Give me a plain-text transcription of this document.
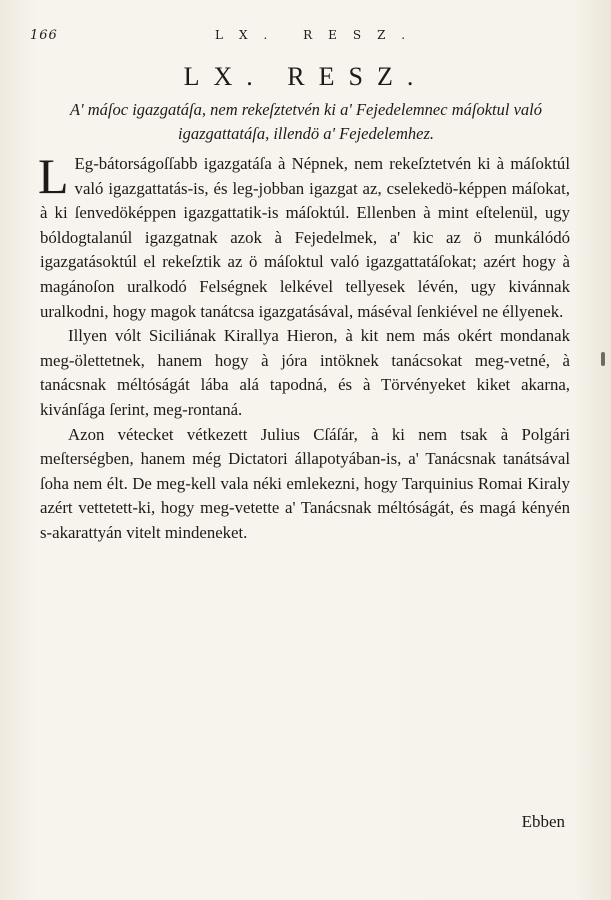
166	LX. RESZ.
LX. RESZ.
A' máſoc igazgatáſa, nem rekeſztetvén ki a' Fejedelemnec máſoktul való igazgattatáſa, illendö a' Fejedelemhez.

L Eg-bátorságoſſabb igazgatáſa à Népnek, nem rekeſztetvén ki à máſoktúl való igazgattatás-is, és leg-jobban igazgat az, cselekedö-képpen máſokat, à ki ſenvedöképpen igazgattatik-is máſoktúl. Ellenben à mint eſtelenül, ugy bóldogtalanúl igazgatnak azok à Fejedelmek, a' kic az ö munkálódó igazgatásoktúl el rekeſztik az ö máſoktul való igazgattatáſokat; azért hogy à magánoſon uralkodó Felségnek lelkével tellyesek lévén, ugy kivánnak uralkodni, hogy magok tanátcsa igazgatásával, máséval ſenkiével ne éllyenek.

Illyen vólt Siciliának Kirallya Hieron, à kit nem más okért mondanak meg-ölettetnek, hanem hogy à jóra intöknek tanácsokat meg-vetné, à tanácsnak méltóságát lába alá tapodná, és à Törvényeket kiket akarna, kivánſága ſerint, meg-rontaná.

Azon vétecket vétkezett Julius Cſáſár, à ki nem tsak à Polgári meſterségben, hanem még Dictatori állapotyában-is, a' Tanácsnak tanátsával ſoha nem élt. De meg-kell vala néki emlekezni, hogy Tarquinius Romai Kiraly azért vettetett-ki, hogy meg-vetette a' Tanácsnak méltóságát, és magá kényén s-akarattyán vitelt mindeneket.

Ebben
